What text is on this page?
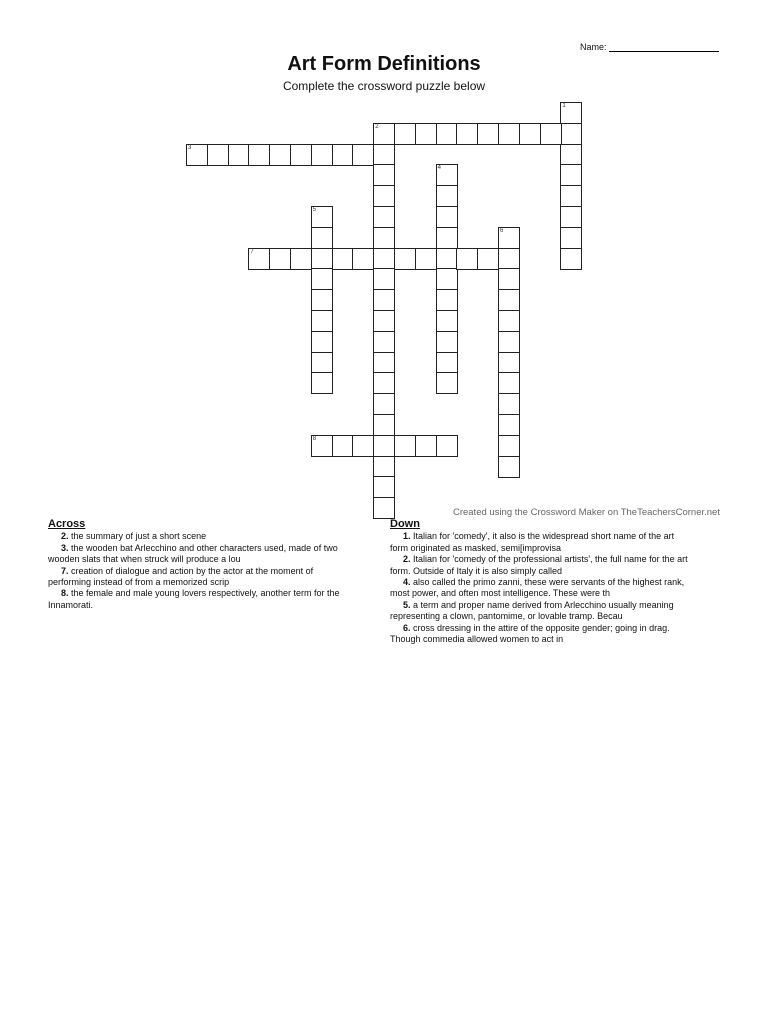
Name:
Art Form Definitions
Complete the crossword puzzle below
1
2
3
4
5
6
7
8
Created using the Crossword Maker on TheTeachersCorner.net
Across
2. the summary of just a short scene
3. the wooden bat Arlecchino and other characters used, made of two
wooden slats that when struck will produce a lou
7. creation of dialogue and action by the actor at the moment of
performing instead of from a memorized scrip
8. the female and male young lovers respectively, another term for the
Innamorati.
Down
1. Italian for 'comedy', it also is the widespread short name of the art
form originated as masked, semi[improvisa
2. Italian for 'comedy of the professional artists', the full name for the art
form. Outside of Italy it is also simply called
4. also called the primo zanni, these were servants of the highest rank,
most power, and often most intelligence. These were th
5. a term and proper name derived from Arlecchino usually meaning
representing a clown, pantomime, or lovable tramp. Becau
6. cross dressing in the attire of the opposite gender; going in drag.
Though commedia allowed women to act in
